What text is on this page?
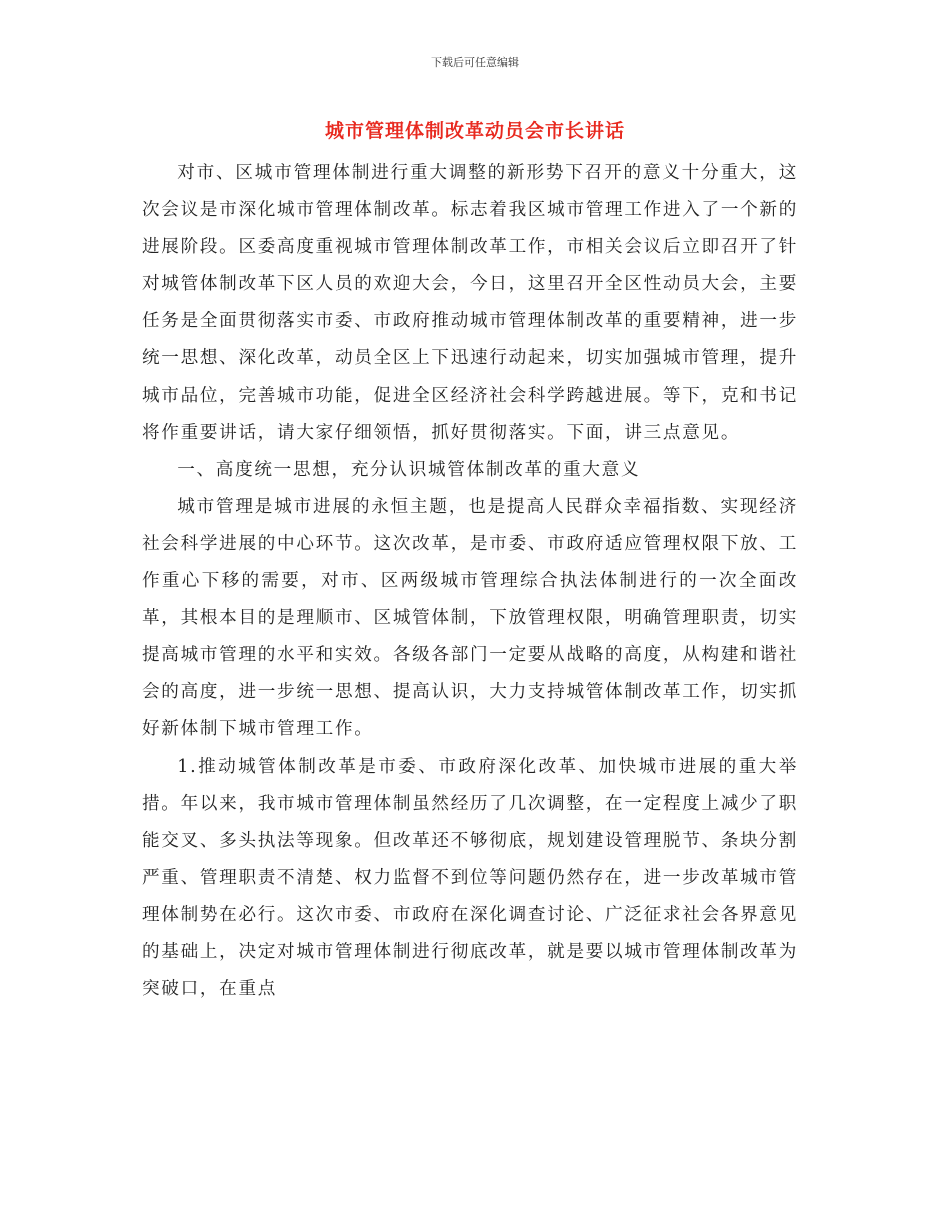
下载后可任意编辑
城市管理体制改革动员会市长讲话

对市、区城市管理体制进行重大调整的新形势下召开的意义十分重大，这次会议是市深化城市管理体制改革。标志着我区城市管理工作进入了一个新的进展阶段。区委高度重视城市管理体制改革工作，市相关会议后立即召开了针对城管体制改革下区人员的欢迎大会，今日，这里召开全区性动员大会，主要任务是全面贯彻落实市委、市政府推动城市管理体制改革的重要精神，进一步统一思想、深化改革，动员全区上下迅速行动起来，切实加强城市管理，提升城市品位，完善城市功能，促进全区经济社会科学跨越进展。等下，克和书记将作重要讲话，请大家仔细领悟，抓好贯彻落实。下面，讲三点意见。

一、高度统一思想，充分认识城管体制改革的重大意义

城市管理是城市进展的永恒主题，也是提高人民群众幸福指数、实现经济社会科学进展的中心环节。这次改革，是市委、市政府适应管理权限下放、工作重心下移的需要，对市、区两级城市管理综合执法体制进行的一次全面改革，其根本目的是理顺市、区城管体制，下放管理权限，明确管理职责，切实提高城市管理的水平和实效。各级各部门一定要从战略的高度，从构建和谐社会的高度，进一步统一思想、提高认识，大力支持城管体制改革工作，切实抓好新体制下城市管理工作。

1.推动城管体制改革是市委、市政府深化改革、加快城市进展的重大举措。年以来，我市城市管理体制虽然经历了几次调整，在一定程度上减少了职能交叉、多头执法等现象。但改革还不够彻底，规划建设管理脱节、条块分割严重、管理职责不清楚、权力监督不到位等问题仍然存在，进一步改革城市管理体制势在必行。这次市委、市政府在深化调查讨论、广泛征求社会各界意见的基础上，决定对城市管理体制进行彻底改革，就是要以城市管理体制改革为突破口，在重点
